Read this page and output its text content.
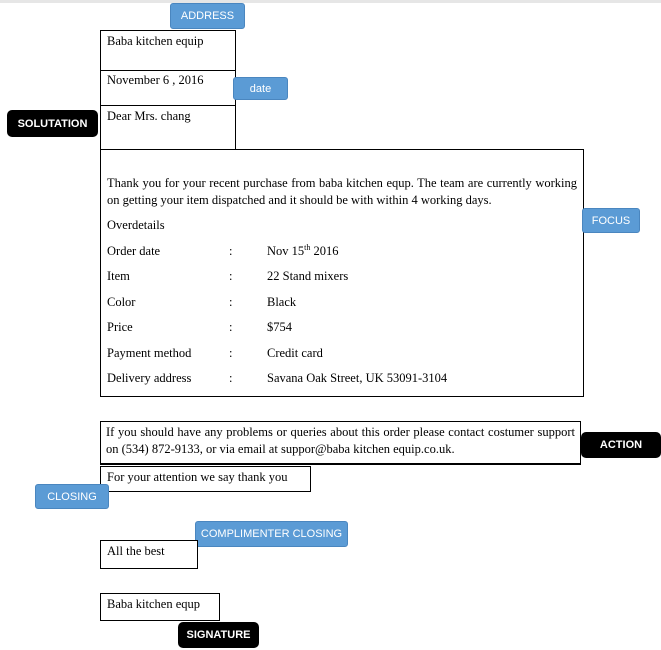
Baba kitchen equip
ADDRESS
November 6 , 2016
date
Dear Mrs. chang
SOLUTATION
Thank you for your recent purchase from baba kitchen equp. The team are currently working on getting your item dispatched and it should be with within 4 working days.
Overdetails
Order date	:	Nov 15th 2016
Item	:	22 Stand mixers
Color	:	Black
Price	:	$754
Payment method	:	Credit card
Delivery address	:	Savana Oak Street, UK 53091-3104
FOCUS
If you should have any problems or queries about this order please contact costumer support on (534) 872-9133, or via email at suppor@baba kitchen equip.co.uk.	ACTION
For your attention we say thank you
CLOSING
COMPLIMENTER CLOSING
All the best
Baba kitchen equp
SIGNATURE
